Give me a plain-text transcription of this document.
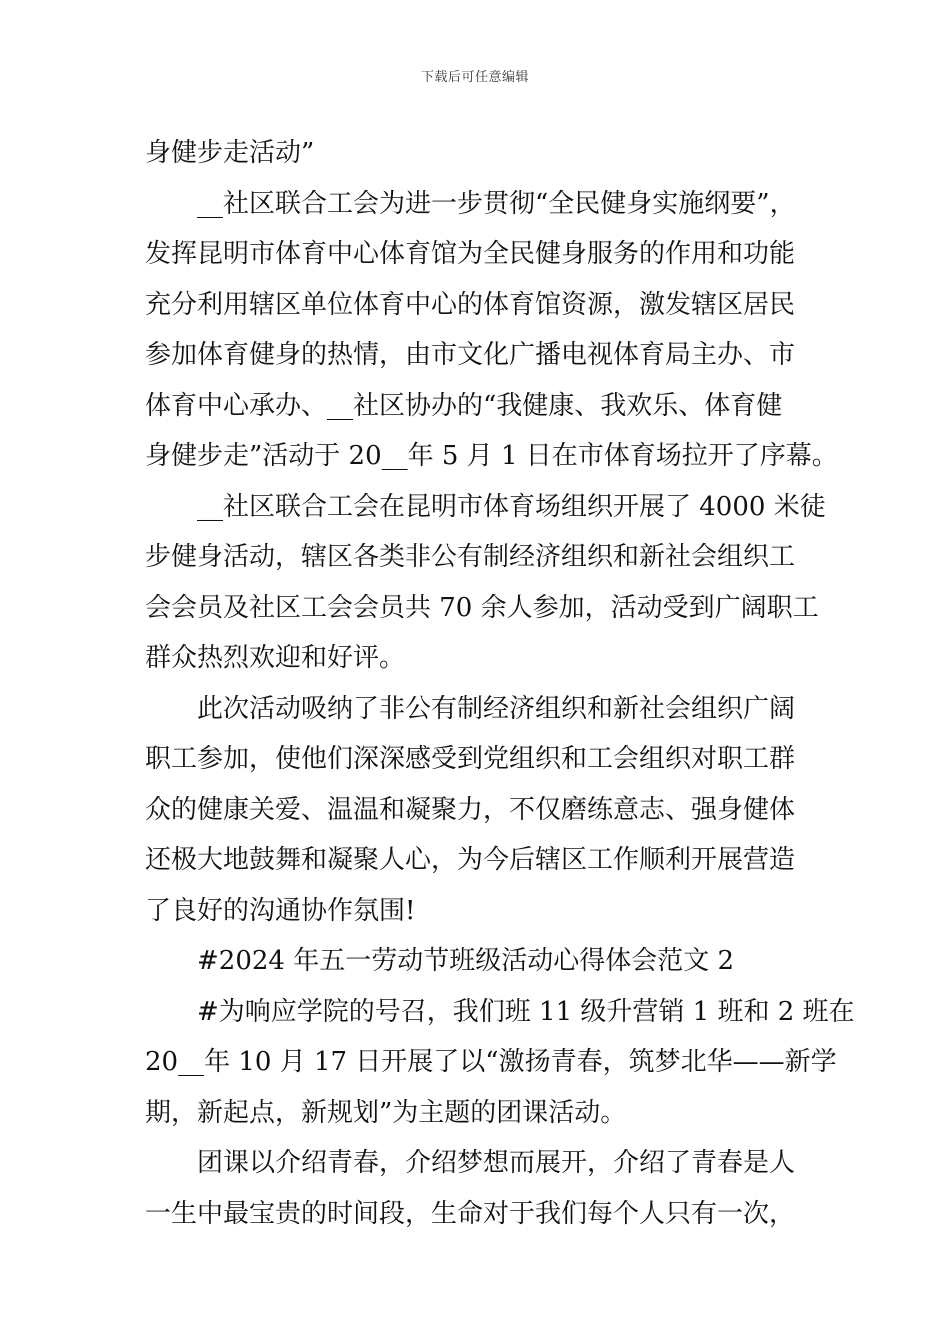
下载后可任意编辑
身健步走活动”
__社区联合工会为进一步贯彻“全民健身实施纲要”，
发挥昆明市体育中心体育馆为全民健身服务的作用和功能
充分利用辖区单位体育中心的体育馆资源，激发辖区居民
参加体育健身的热情，由市文化广播电视体育局主办、市
体育中心承办、__社区协办的“我健康、我欢乐、体育健
身健步走”活动于 20__年 5 月 1 日在市体育场拉开了序幕。
__社区联合工会在昆明市体育场组织开展了 4000 米徒
步健身活动，辖区各类非公有制经济组织和新社会组织工
会会员及社区工会会员共 70 余人参加，活动受到广阔职工
群众热烈欢迎和好评。
此次活动吸纳了非公有制经济组织和新社会组织广阔
职工参加，使他们深深感受到党组织和工会组织对职工群
众的健康关爱、温温和凝聚力，不仅磨练意志、强身健体
还极大地鼓舞和凝聚人心，为今后辖区工作顺利开展营造
了良好的沟通协作氛围!
#2024 年五一劳动节班级活动心得体会范文 2
#为响应学院的号召，我们班 11 级升营销 1 班和 2 班在
20__年 10 月 17 日开展了以“激扬青春，筑梦北华——新学
期，新起点，新规划”为主题的团课活动。
团课以介绍青春，介绍梦想而展开，介绍了青春是人
一生中最宝贵的时间段，生命对于我们每个人只有一次，
